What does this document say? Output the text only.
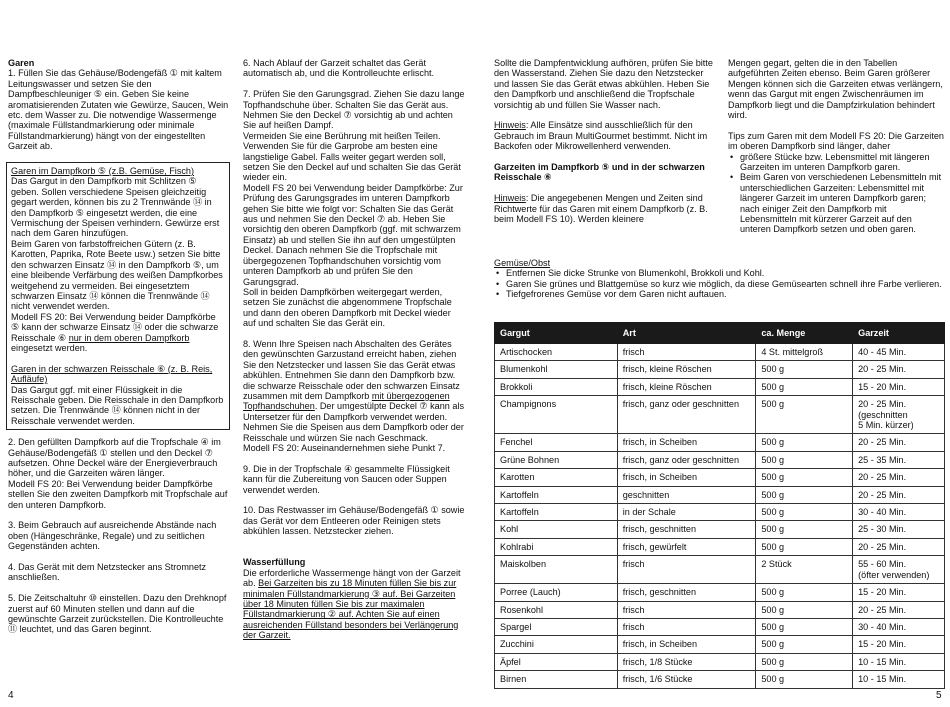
Garen

1. Füllen Sie das Gehäuse/Bodengefäß ① mit kaltem Leitungswasser und setzen Sie den Dampfbeschleuniger ⑤ ein. Geben Sie keine aromatisierenden Zutaten wie Gewürze, Saucen, Wein etc. dem Wasser zu. Die notwendige Wassermenge (maximale Füllstandmarkierung oder minimale Füllstandmarkierung) hängt von der eingestellten Garzeit ab.

Garen im Dampfkorb ⑤ (z.B. Gemüse, Fisch)
Das Gargut in den Dampfkorb mit Schlitzen ⑤ geben. Sollen verschiedene Speisen gleichzeitig gegart werden, können bis zu 2 Trennwände ⑭ in den Dampfkorb ⑤ eingesetzt werden, die eine Vermischung der Speisen verhindern. Gewürze erst nach dem Garen hinzufügen.
Beim Garen von farbstoffreichen Gütern (z. B. Karotten, Paprika, Rote Beete usw.) setzen Sie bitte den schwarzen Einsatz ⑭ in den Dampfkorb ⑤, um eine bleibende Verfärbung des weißen Dampfkorbes weitgehend zu vermeiden. Bei eingesetztem schwarzen Einsatz ⑭ können die Trennwände ⑭ nicht verwendet werden.

Modell FS 20: Bei Verwendung beider Dampfkörbe ⑤ kann der schwarze Einsatz ⑭ oder die schwarze Reisschale ⑥ nur in dem oberen Dampfkorb eingesetzt werden.

Garen in der schwarzen Reisschale ⑥ (z. B. Reis, Aufläufe)

Das Gargut ggf. mit einer Flüssigkeit in die Reisschale geben. Die Reisschale in den Dampfkorb setzen. Die Trennwände ⑭ können nicht in der Reisschale verwendet werden.

2. Den gefüllten Dampfkorb auf die Tropfschale ④ im Gehäuse/Bodengefäß ① stellen und den Deckel ⑦ aufsetzen. Ohne Deckel wäre der Energieverbrauch höher, und die Garzeiten wären länger.

Modell FS 20: Bei Verwendung beider Dampfkörbe stellen Sie den zweiten Dampfkorb mit Tropfschale auf den unteren Dampfkorb.

3. Beim Gebrauch auf ausreichende Abstände nach oben (Hängeschränke, Regale) und zu seitlichen Gegenständen achten.

4. Das Gerät mit dem Netzstecker ans Stromnetz anschließen.

5. Die Zeitschaltuhr ⑩ einstellen. Dazu den Drehknopf zuerst auf 60 Minuten stellen und dann auf die gewünschte Garzeit zurückstellen. Die Kontrolleuchte ⑪ leuchtet, und das Garen beginnt.

6. Nach Ablauf der Garzeit schaltet das Gerät automatisch ab, und die Kontrolleuchte erlischt.

7. Prüfen Sie den Garungsgrad. Ziehen Sie dazu lange Topfhandschuhe über. Schalten Sie das Gerät aus. Nehmen Sie den Deckel ⑦ vorsichtig ab und achten Sie auf heißen Dampf.
Vermeiden Sie eine Berührung mit heißen Teilen. Verwenden Sie für die Garprobe am besten eine langstielige Gabel. Falls weiter gegart werden soll, setzen Sie den Deckel auf und schalten Sie das Gerät wieder ein.
Modell FS 20 bei Verwendung beider Dampfkörbe: Zur Prüfung des Garungsgrades im unteren Dampfkorb gehen Sie bitte wie folgt vor: Schalten Sie das Gerät aus und nehmen Sie den Deckel ⑦ ab. Heben Sie vorsichtig den oberen Dampfkorb (ggf. mit schwarzem Einsatz) ab und stellen Sie ihn auf den umgestülpten Deckel. Danach nehmen Sie die Tropfschale mit übergegozenen Topfhandschuhen vorsichtig vom unteren Dampfkorb ab und prüfen Sie den Garungsgrad.

Soll in beiden Dampfkörben weitergegart werden, setzen Sie zunächst die abgenommene Tropfschale und dann den oberen Dampfkorb mit Deckel wieder auf und schalten Sie das Gerät ein.

8. Wenn Ihre Speisen nach Abschalten des Gerätes den gewünschten Garzustand erreicht haben, ziehen Sie den Netzstecker und lassen Sie das Gerät etwas abkühlen. Entnehmen Sie dann den Dampfkorb bzw. die schwarze Reisschale oder den schwarzen Einsatz zusammen mit dem Dampfkorb mit übergezogenen Topfhandschuhen. Der umgestülpte Deckel ⑦ kann als Untersetzer für den Dampfkorb verwendet werden. Nehmen Sie die Speisen aus dem Dampfkorb oder der Reisschale und würzen Sie nach Geschmack.

Modell FS 20: Auseinandernehmen siehe Punkt 7.

9. Die in der Tropfschale ④ gesammelte Flüssigkeit kann für die Zubereitung von Saucen oder Suppen verwendet werden.

10. Das Restwasser im Gehäuse/Bodengefäß ① sowie das Gerät vor dem Entleeren oder Reinigen stets abkühlen lassen. Netzstecker ziehen.

Wasserfüllung
Die erforderliche Wassermenge hängt von der Garzeit ab. Bei Garzeiten bis zu 18 Minuten füllen Sie bis zur minimalen Füllstandmarkierung ③ auf. Bei Garzeiten über 18 Minuten füllen Sie bis zur maximalen Füllstandmarkierung ② auf. Achten Sie auf einen ausreichenden Füllstand besonders bei Verlängerung der Garzeit.

Sollte die Dampfentwicklung aufhören, prüfen Sie bitte den Wasserstand. Ziehen Sie dazu den Netzstecker und lassen Sie das Gerät etwas abkühlen. Heben Sie den Dampfkorb und anschließend die Tropfschale vorsichtig ab und füllen Sie Wasser nach.

Hinweis: Alle Einsätze sind ausschließlich für den Gebrauch im Braun MultiGourmet bestimmt. Nicht im Backofen oder Mikrowellenherd verwenden.

Garzeiten im Dampfkorb ⑤ und in der schwarzen Reisschale ⑥

Hinweis: Die angegebenen Mengen und Zeiten sind Richtwerte für das Garen mit einem Dampfkorb (z. B. beim Modell FS 10). Werden kleinere

Mengen gegart, gelten die in den Tabellen aufgeführten Zeiten ebenso. Beim Garen größerer Mengen können sich die Garzeiten etwas verlängern, wenn das Gargut mit engen Zwischenräumen im Dampfkorb liegt und die Dampfzirkulation behindert wird.

Tips zum Garen mit dem Modell FS 20: Die Garzeiten im oberen Dampfkorb sind länger, daher
• größere Stücke bzw. Lebensmittel mit längeren Garzeiten im unteren Dampfkorb garen.
• Beim Garen von verschiedenen Lebensmitteln mit unterschiedlichen Garzeiten: Lebensmittel mit längerer Garzeit im unteren Dampfkorb garen; nach einiger Zeit den Dampfkorb mit Lebensmitteln mit kürzerer Garzeit auf den unteren Dampfkorb setzen und oben garen.
Gemüse/Obst
• Entfernen Sie dicke Strunke von Blumenkohl, Brokkoli und Kohl.
• Garen Sie grünes und Blattgemüse so kurz wie möglich, da diese Gemüsearten schnell ihre Farbe verlieren.
• Tiefgefrorenes Gemüse vor dem Garen nicht auftauen.
Gargut	Art	ca. Menge	Garzeit
Artischocken	frisch	4 St. mittelgroß	40 - 45 Min.
Blumenkohl	frisch, kleine Röschen	500 g	20 - 25 Min.
Brokkoli	frisch, kleine Röschen	500 g	15 - 20 Min.
Champignons	frisch, ganz oder geschnitten	500 g	20 - 25 Min.
(geschnitten
5 Min. kürzer)
Fenchel	frisch, in Scheiben	500 g	20 - 25 Min.
Grüne Bohnen	frisch, ganz oder geschnitten	500 g	25 - 35 Min.
Karotten	frisch, in Scheiben	500 g	20 - 25 Min.
Kartoffeln	geschnitten	500 g	20 - 25 Min.
Kartoffeln	in der Schale	500 g	30 - 40 Min.
Kohl	frisch, geschnitten	500 g	25 - 30 Min.
Kohlrabi	frisch, gewürfelt	500 g	20 - 25 Min.
Maiskolben	frisch	2 Stück	55 - 60 Min.
(öfter verwenden)
Porree (Lauch)	frisch, geschnitten	500 g	15 - 20 Min.
Rosenkohl	frisch	500 g	20 - 25 Min.
Spargel	frisch	500 g	30 - 40 Min.
Zucchini	frisch, in Scheiben	500 g	15 - 20 Min.
Äpfel	frisch, 1/8 Stücke	500 g	10 - 15 Min.
Birnen	frisch, 1/6 Stücke	500 g	10 - 15 Min.
4	5
